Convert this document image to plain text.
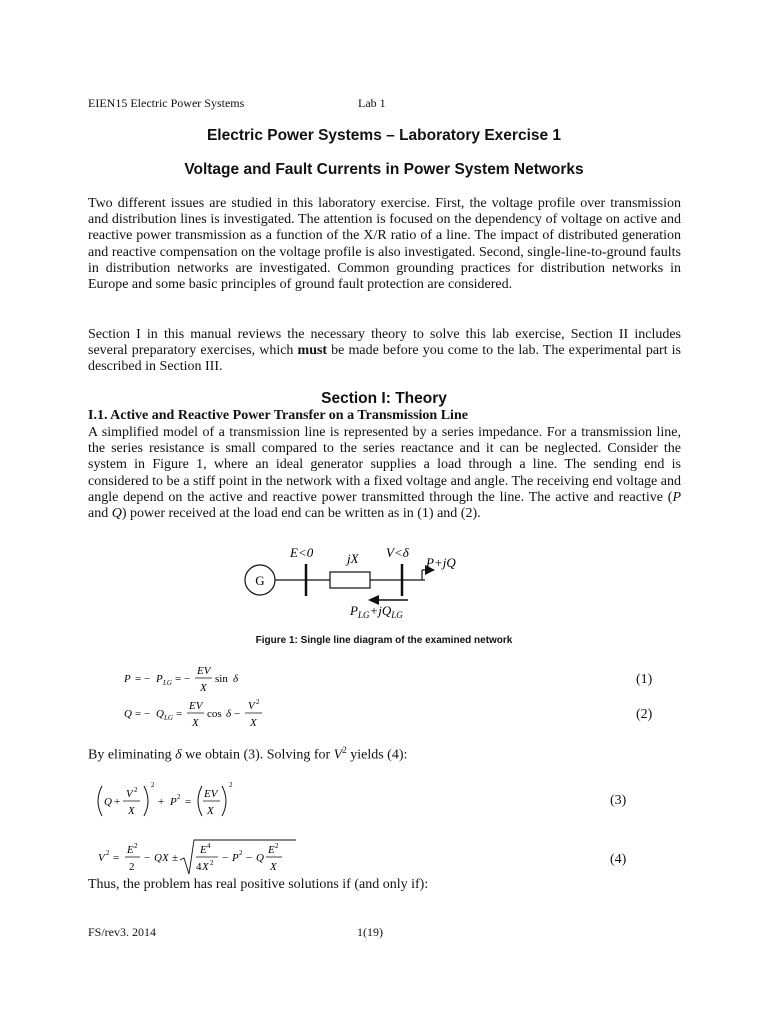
EIEN15 Electric Power Systems	Lab 1
Electric Power Systems – Laboratory Exercise 1
Voltage and Fault Currents in Power System Networks
Two different issues are studied in this laboratory exercise. First, the voltage profile over transmission and distribution lines is investigated. The attention is focused on the dependency of voltage on active and reactive power transmission as a function of the X/R ratio of a line. The impact of distributed generation and reactive compensation on the voltage profile is also investigated. Second, single-line-to-ground faults in distribution networks are investigated. Common grounding practices for distribution networks in Europe and some basic principles of ground fault protection are considered.
Section I in this manual reviews the necessary theory to solve this lab exercise, Section II includes several preparatory exercises, which must be made before you come to the lab. The experimental part is described in Section III.
Section I: Theory
I.1. Active and Reactive Power Transfer on a Transmission Line
A simplified model of a transmission line is represented by a series impedance. For a transmission line, the series resistance is small compared to the series reactance and it can be neglected. Consider the system in Figure 1, where an ideal generator supplies a load through a line. The sending end is considered to be a stiff point in the network with a fixed voltage and angle. The receiving end voltage and angle depend on the active and reactive power transmitted through the line. The active and reactive (P and Q) power received at the load end can be written as in (1) and (2).
G
E<0	jX V<δ
P+jQ
$P_{LG}+jQ_{LG}$
Figure 1: Single line diagram of the examined network
P = − P LG = −
EV
X
sin δ	(1)
Q = − Q LG =
EV
X
cos δ −
V 2
X
(2)
By eliminating δ we obtain (3). Solving for $V^2$ yields (4):
Q +
V 2
X
2
+ P 2 =
EV
X
2
(3)
V 2 =
E 2
2
− QX ±
E 4
4 X 2 − P 2 − Q
E 2
X	(4)
Thus, the problem has real positive solutions if (and only if):
FS/rev3. 2014	1(19)
